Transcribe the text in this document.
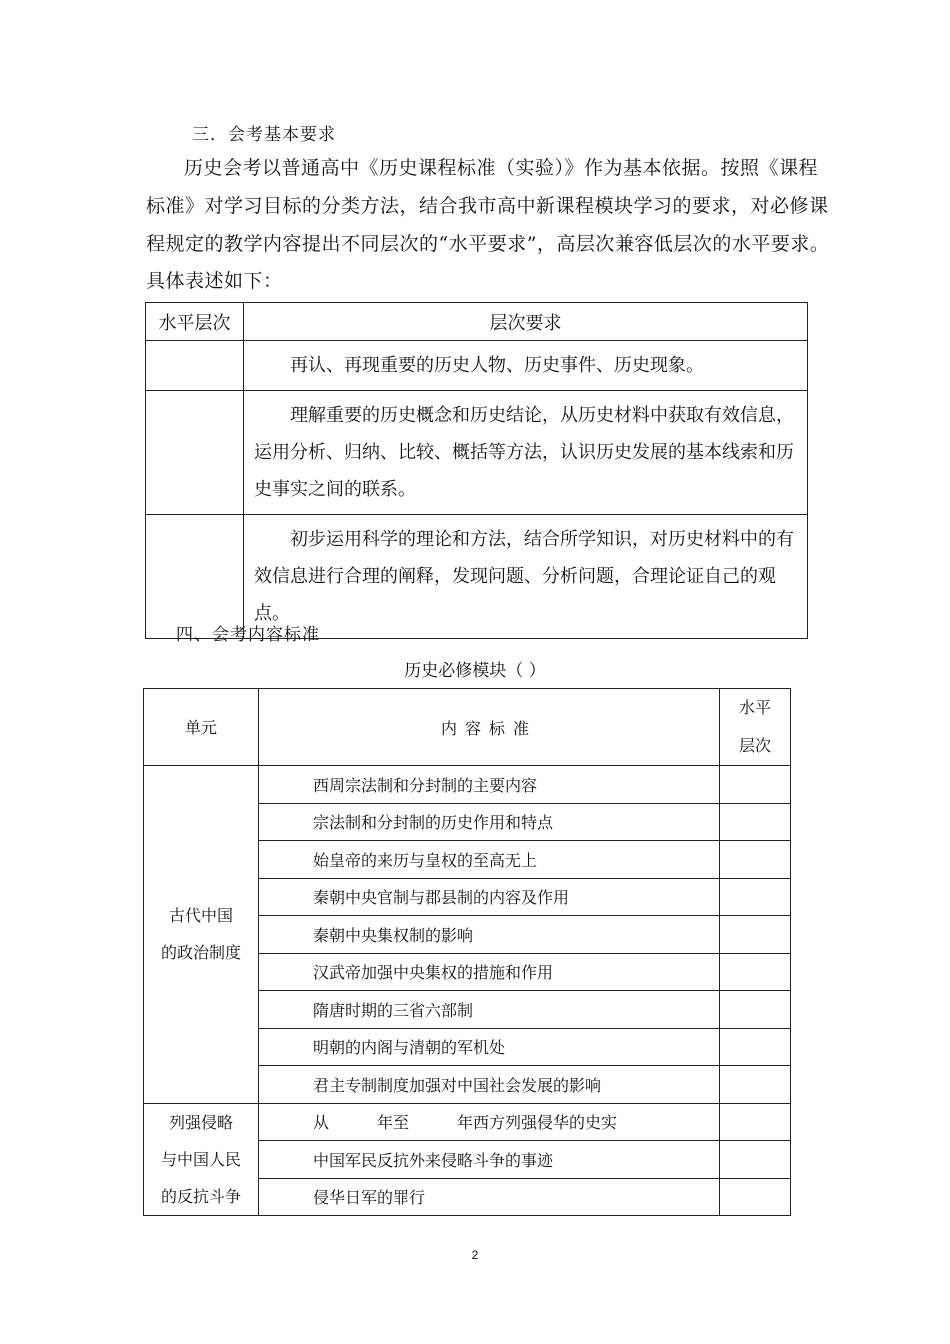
三．会考基本要求
历史会考以普通高中《历史课程标准（实验）》作为基本依据。按照《课程
标准》对学习目标的分类方法，结合我市高中新课程模块学习的要求，对必修课
程规定的教学内容提出不同层次的“水平要求”，高层次兼容低层次的水平要求。
具体表述如下：
水平层次	层次要求

	再认、再现重要的历史人物、历史事件、历史现象。

	理解重要的历史概念和历史结论，从历史材料中获取有效信息，运用分析、归纳、比较、概括等方法，认识历史发展的基本线索和历史事实之间的联系。

	初步运用科学的理论和方法，结合所学知识，对历史材料中的有效信息进行合理的阐释，发现问题、分析问题，合理论证自己的观点。
四、会考内容标准
历史必修模块（ ）
单元	内容标准	水平
层次

古代中国
的政治制度	西周宗法制和分封制的主要内容	
	宗法制和分封制的历史作用和特点	
	始皇帝的来历与皇权的至高无上	
	秦朝中央官制与郡县制的内容及作用	
	秦朝中央集权制的影响	
	汉武帝加强中央集权的措施和作用	
	隋唐时期的三省六部制	
	明朝的内阁与清朝的军机处	
	君主专制制度加强对中国社会发展的影响	

列强侵略
与中国人民
的反抗斗争	从　　　年至　　　年西方列强侵华的史实	
	中国军民反抗外来侵略斗争的事迹	
	侵华日军的罪行	
2
